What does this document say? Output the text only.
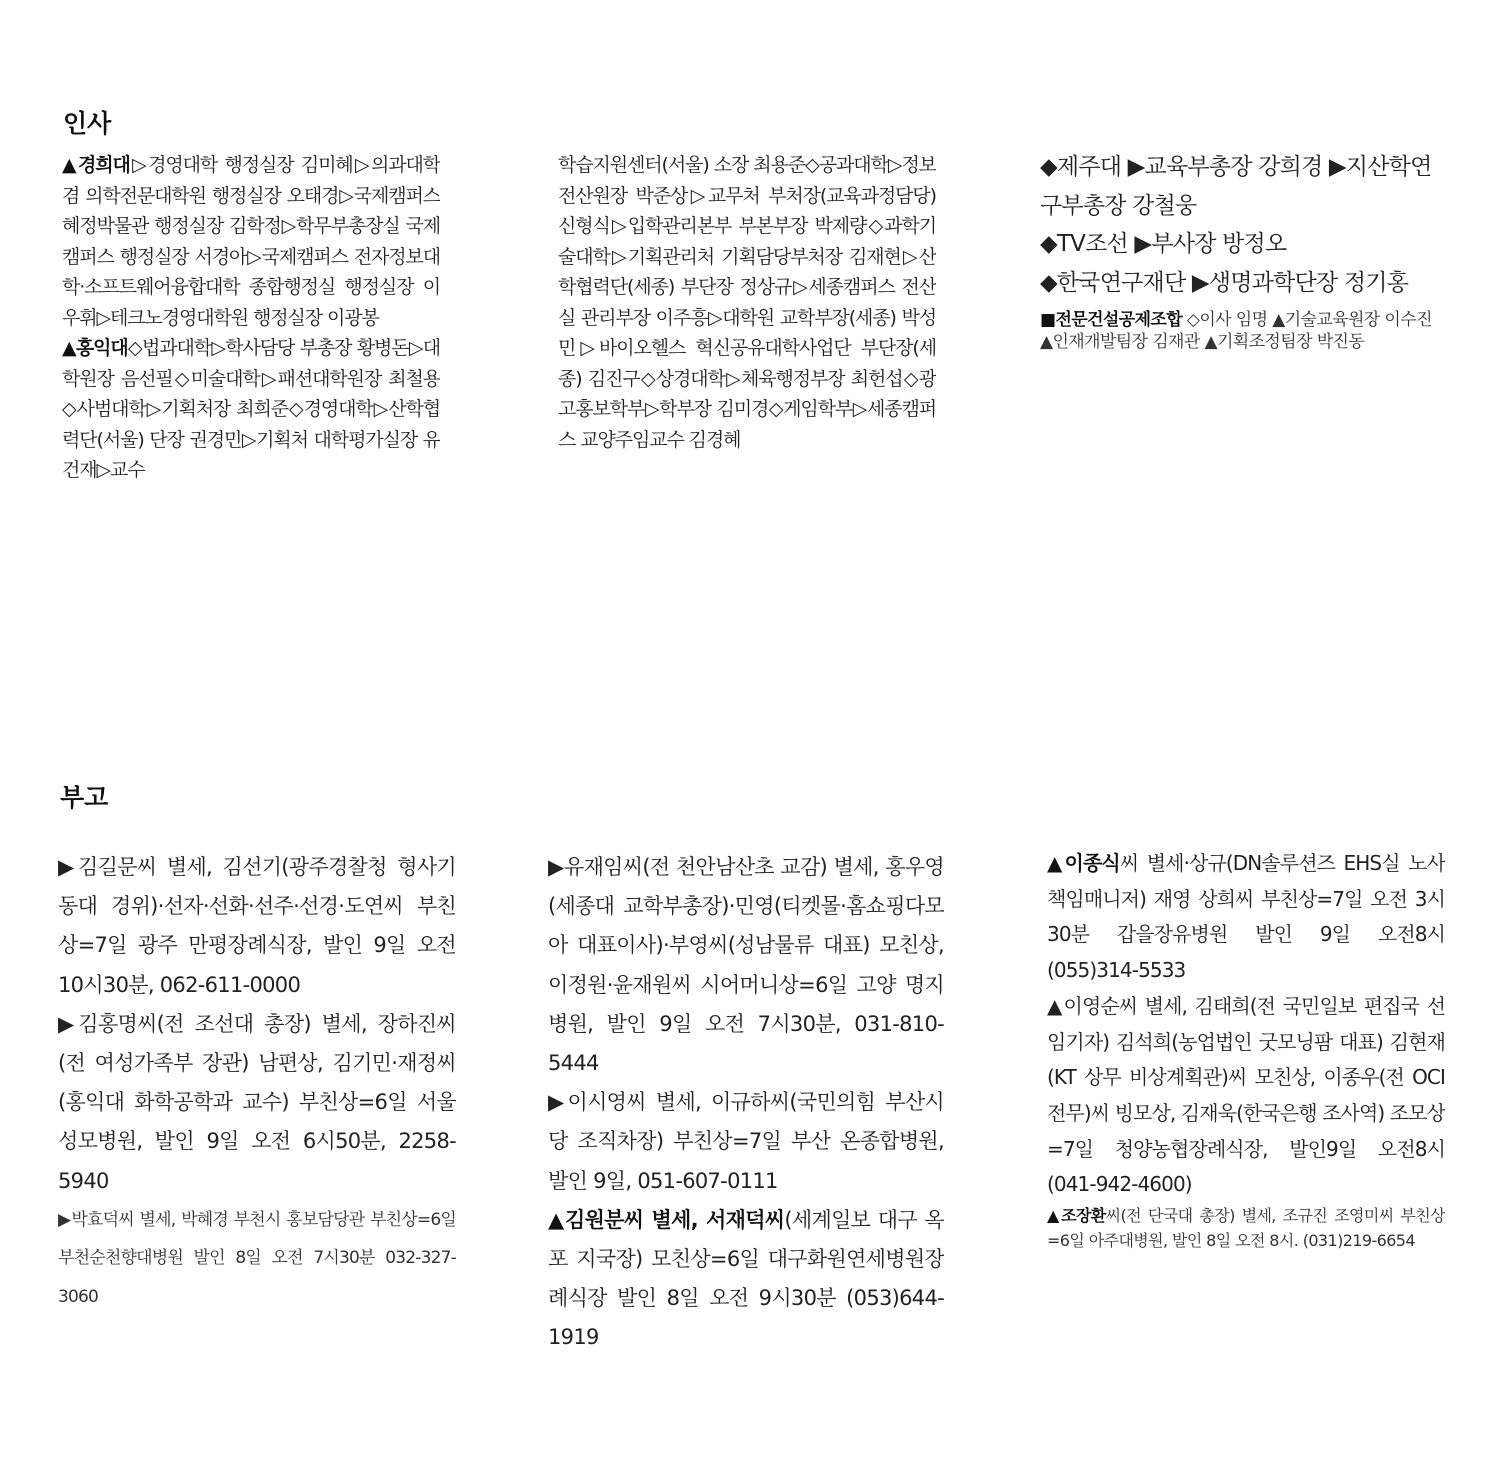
인사

▲경희대▷경영대학 행정실장 김미혜▷의과대학 겸 의학전문대학원 행정실장 오태경▷국제캠퍼스 혜정박물관 행정실장 김학정▷학무부총장실 국제캠퍼스 행정실장 서경아▷국제캠퍼스 전자정보대학·소프트웨어융합대학 종합행정실 행정실장 이우휘▷테크노경영대학원 행정실장 이광봉

▲홍익대◇법과대학▷학사담당 부총장 황병돈▷대학원장 음선필◇미술대학▷패션대학원장 최철용◇사범대학▷기획처장 최희준◇경영대학▷산학협력단(서울) 단장 권경민▷기획처 대학평가실장 유건재▷교수

학습지원센터(서울) 소장 최용준◇공과대학▷정보전산원장 박준상▷교무처 부처장(교육과정담당) 신형식▷입학관리본부 부본부장 박제량◇과학기술대학▷기획관리처 기획담당부처장 김재현▷산학협력단(세종) 부단장 정상규▷세종캠퍼스 전산실 관리부장 이주흥▷대학원 교학부장(세종) 박성민▷바이오헬스 혁신공유대학사업단 부단장(세종) 김진구◇상경대학▷체육행정부장 최헌섭◇광고홍보학부▷학부장 김미경◇게임학부▷세종캠퍼스 교양주임교수 김경혜

◆제주대 ▶교육부총장 강희경 ▶지산학연구부총장 강철웅

◆TV조선 ▶부사장 방정오

◆한국연구재단 ▶생명과학단장 정기홍

■전문건설공제조합 ◇이사 임명 ▲기술교육원장 이수진 ▲인재개발팀장 김재관 ▲기획조정팀장 박진동

부고

▶김길문씨 별세, 김선기(광주경찰청 형사기동대 경위)·선자·선화·선주·선경·도연씨 부친상=7일 광주 만평장례식장, 발인 9일 오전 10시30분, 062-611-0000

▶김홍명씨(전 조선대 총장) 별세, 장하진씨(전 여성가족부 장관) 남편상, 김기민·재정씨(홍익대 화학공학과 교수) 부친상=6일 서울성모병원, 발인 9일 오전 6시50분, 2258-5940

▶박효덕씨 별세, 박혜경 부천시 홍보담당관 부친상=6일 부천순천향대병원 발인 8일 오전 7시30분 032-327-3060

▶유재임씨(전 천안남산초 교감) 별세, 홍우영(세종대 교학부총장)·민영(티켓몰·홈쇼핑다모아 대표이사)·부영씨(성남물류 대표) 모친상, 이정원·윤재원씨 시어머니상=6일 고양 명지병원, 발인 9일 오전 7시30분, 031-810-5444

▶이시영씨 별세, 이규하씨(국민의힘 부산시당 조직차장) 부친상=7일 부산 온종합병원, 발인 9일, 051-607-0111

▲김원분씨 별세, 서재덕씨(세계일보 대구 옥포 지국장) 모친상=6일 대구화원연세병원장례식장 발인 8일 오전 9시30분 (053)644-1919

▲이종식씨 별세·상규(DN솔루션즈 EHS실 노사 책임매니저) 재영 상희씨 부친상=7일 오전 3시30분 갑을장유병원 발인 9일 오전8시 (055)314-5533

▲이영순씨 별세, 김태희(전 국민일보 편집국 선임기자) 김석희(농업법인 굿모닝팜 대표) 김현재(KT 상무 비상계획관)씨 모친상, 이종우(전 OCI 전무)씨 빙모상, 김재욱(한국은행 조사역) 조모상=7일 청양농협장례식장, 발인9일 오전8시(041-942-4600)

▲조장환씨(전 단국대 총장) 별세, 조규진 조영미씨 부친상=6일 아주대병원, 발인 8일 오전 8시. (031)219-6654
